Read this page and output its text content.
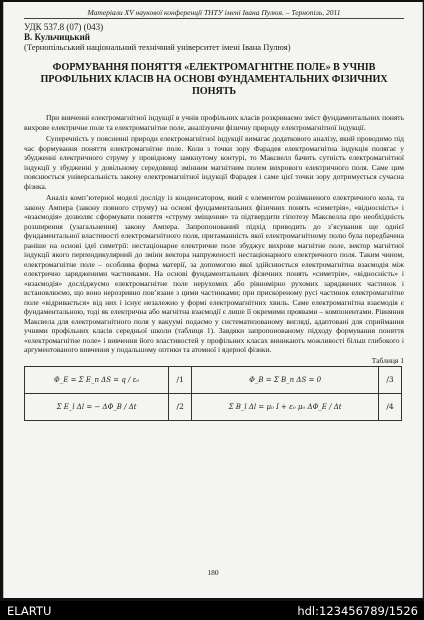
Матеріали XV наукової конференції ТНТУ імені Івана Пулюя. – Тернопіль, 2011
УДК 537.8 (07) (043)
В. Кульчицький
(Тернопільський національний технічний університет імені Івана Пулюя)
ФОРМУВАННЯ ПОНЯТТЯ «ЕЛЕКТРОМАГНІТНЕ ПОЛЕ» В УЧНІВ ПРОФІЛЬНИХ КЛАСІВ НА ОСНОВІ ФУНДАМЕНТАЛЬНИХ ФІЗИЧНИХ ПОНЯТЬ

При вивченні електромагнітної індукції в учнів профільних класів розкриваємо зміст фундаментальних понять вихрове електричне поле та електромагнітне поле, аналізуючи фізичну природу електромагнітної індукції.

Суперечність у поясненні природи електромагнітної індукції вимагає додаткового аналізу, який проводимо під час формування поняття електромагнітне поле. Коли з точки зору Фарадея електромагнітна індукція полягає у збудженні електричного струму у провідному замкнутому контурі, то Максвелл бачить сутність електромагнітної індукції у збудженні у довільному середовищі змінним магнітним полем вихрового електричного поля. Саме цим пояснюється універсальність закону електромагнітної індукції Фарадея і саме цієї точки зору дотримується сучасна фізика.

Аналіз комп’ютерної моделі досліду із конденсатором, який є елементом розімкненого електричного кола, та закону Ампера (закону повного струму) на основі фундаментальних фізичних понять «симетрія», «відносність» і «взаємодія» дозволяє сформувати поняття «струму зміщення» та підтвердити гіпотезу Максвелла про необхідність розширення (узагальнення) закону Ампера. Запропонований підхід приводить до з’ясування ще однієї фундаментальної властивості електромагнітного поля, притаманність якої електромагнітному полю була передбачена раніше на основі ідеї симетрії: нестаціонарне електричне поле збуджує вихрове магнітне поле, вектор магнітної індукції якого перпендикулярний до зміни вектора напруженості нестаціонарного електричного поля. Таким чином, електромагнітне поле – особлива форма матерії, за допомогою якої здійснюється електромагнітна взаємодія між електрично зарядженими частинками. На основі фундаментальних фізичних понять «симетрія», «відносність» і «взаємодія» досліджуємо електромагнітне поле нерухомих або рівномірно рухомих заряджених частинок і встановлюємо, що воно нерозривно пов’язане з цими частинками; при прискореному русі частинок електромагнітне поле «відривається» від них і існує незалежно у формі електромагнітних хвиль. Саме електромагнітна взаємодія є фундаментальною, тоді як електрична або магнітна взаємодії є лише її окремими проявами – компонентами. Рівняння Максвела для електромагнітного поля у вакуумі подаємо у систематизованому вигляді, адаптовані для сприймання учнями профільних класів середньої школи (таблиця 1). Завдяки запропонованому підходу формування поняття «електромагнітне поле» і вивчення його властивостей у профільних класах виникають можливості більш глибокого і аргументованого вивчення у подальшому оптики та атомної і ядерної фізики.

Таблиця 1
Φ_E = Σ E_n ΔS = q / ε₀	/1	Φ_B = Σ B_n ΔS = 0	/3
Σ E_l Δl = − ΔΦ_B / Δt	/2	Σ B_l Δl = μ₀ I + ε₀ μ₀ ΔΦ_E / Δt	/4
180
ELARTU	hdl:123456789/1526
